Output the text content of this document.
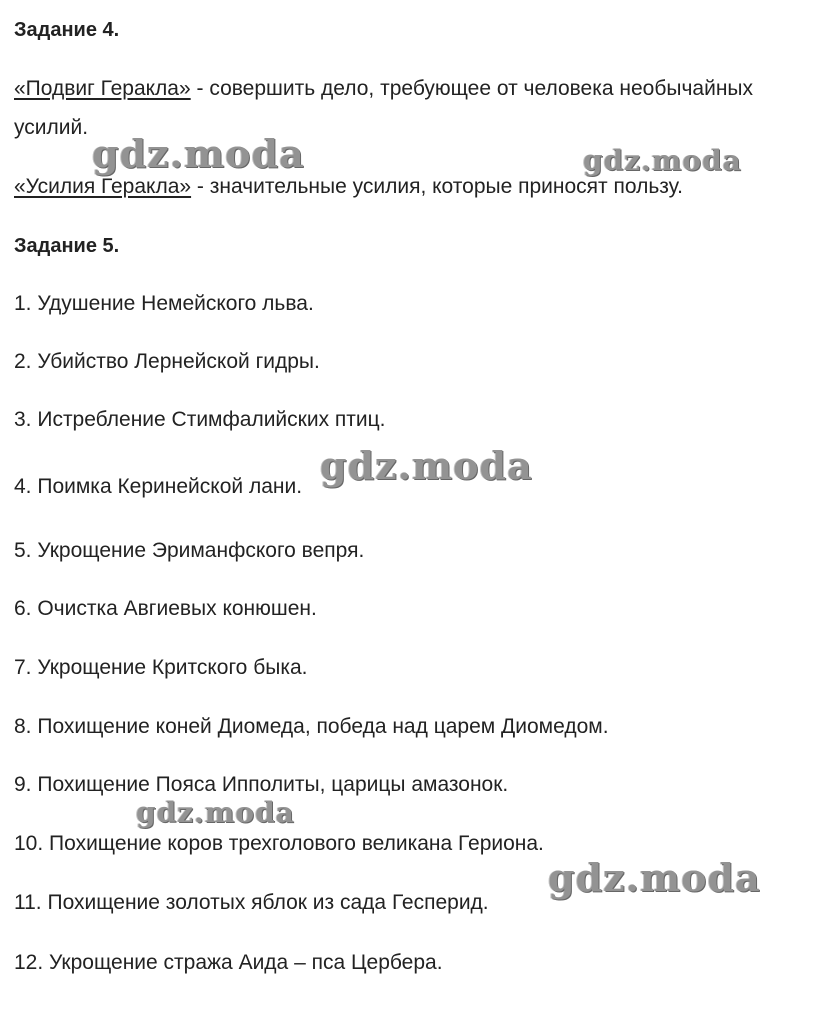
Задание 4.
«Подвиг Геракла» - совершить дело, требующее от человека необычайных
усилий.
«Усилия Геракла» - значительные усилия, которые приносят пользу.
Задание 5.
1. Удушение Немейского льва.
2. Убийство Лернейской гидры.
3. Истребление Стимфалийских птиц.
4. Поимка Керинейской лани.
5. Укрощение Эриманфского вепря.
6. Очистка Авгиевых конюшен.
7. Укрощение Критского быка.
8. Похищение коней Диомеда, победа над царем Диомедом.
9. Похищение Пояса Ипполиты, царицы амазонок.
10. Похищение коров трехголового великана Гериона.
11. Похищение золотых яблок из сада Гесперид.
12. Укрощение стража Аида – пса Цербера.
gdz.moda	gdz.moda
gdz.moda
gdz.moda
gdz.moda
